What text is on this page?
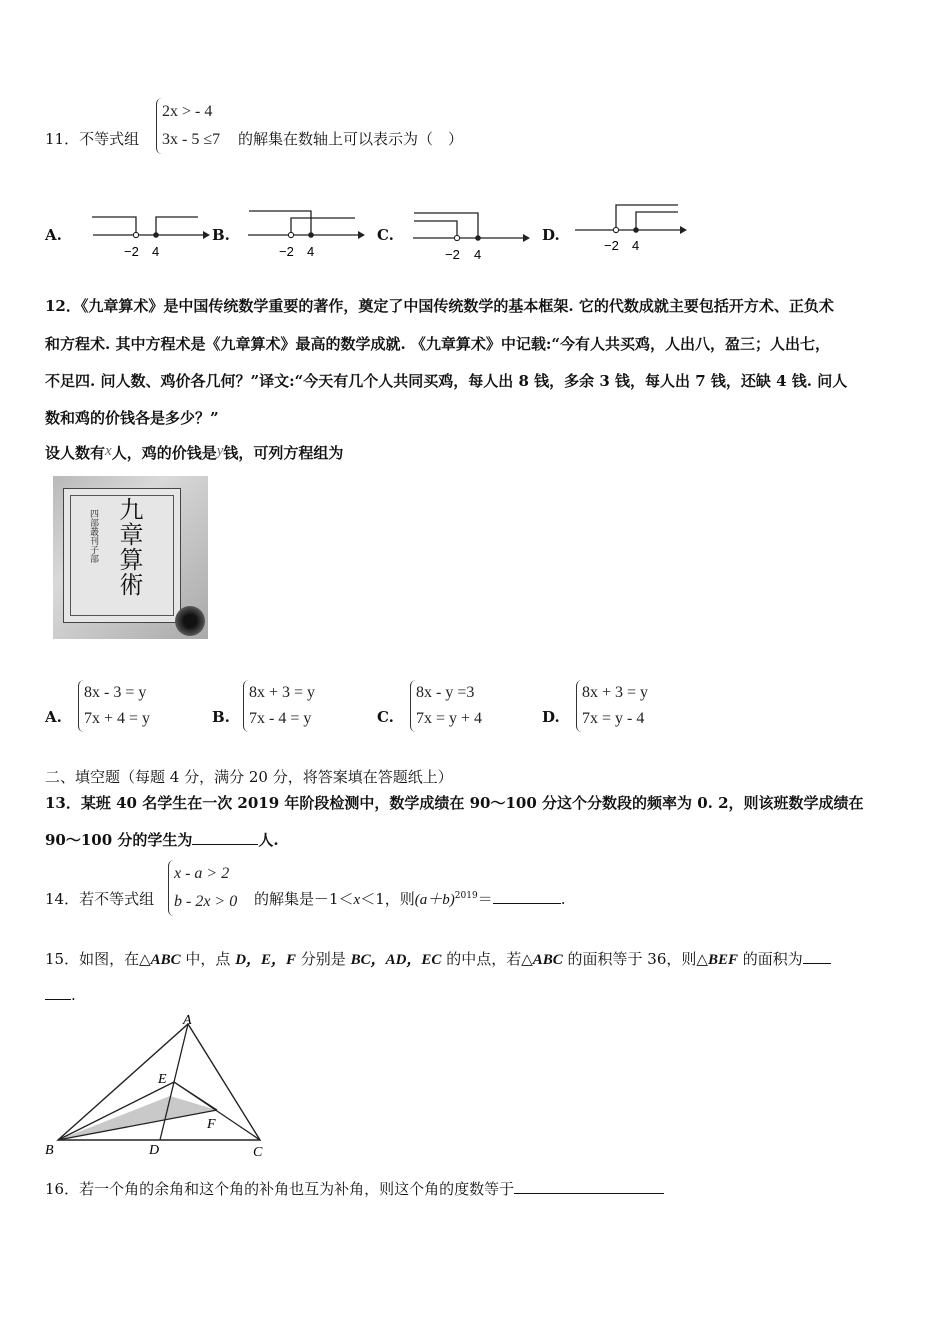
11．不等式组
2x > - 4
3x - 5 ≤7 的解集在数轴上可以表示为（　）
A.	B.	C.	D.
−2 4	−2 4	−2 4
−2 4
12．《九章算术》是中国传统数学重要的著作，奠定了中国传统数学的基本框架. 它的代数成就主要包括开方术、正负术
和方程术. 其中方程术是《九章算术》最高的数学成就. 《九章算术》中记载:“今有人共买鸡，人出八，盈三；人出七，
不足四. 问人数、鸡价各几何？”译文:“今天有几个人共同买鸡，每人出 8 钱，多余 3 钱，每人出 7 钱，还缺 4 钱. 问人
数和鸡的价钱各是多少？”
设人数有x人，鸡的价钱是y钱，可列方程组为
四部叢刊子部 九章算術
A.
8x - 3 = y
7x + 4 = y	B.
8x + 3 = y
7x - 4 = y	C.
8x - y =3
7x = y + 4	D.
8x + 3 = y
7x = y - 4
二、填空题（每题 4 分，满分 20 分，将答案填在答题纸上）
13．某班 40 名学生在一次 2019 年阶段检测中，数学成绩在 90～100 分这个分数段的频率为 0. 2，则该班数学成绩在
90～100 分的学生为	人.
14．若不等式组
x - a > 2
b - 2x > 0 的解集是－1＜x＜1，则$(a+b)^{2019}=$	.
15．如图，在△ABC 中，点 D，E，F 分别是 BC，AD，EC 的中点，若△ABC 的面积等于 36，则△BEF 的面积为
.
A
B	C
D
E
F
16．若一个角的余角和这个角的补角也互为补角，则这个角的度数等于
